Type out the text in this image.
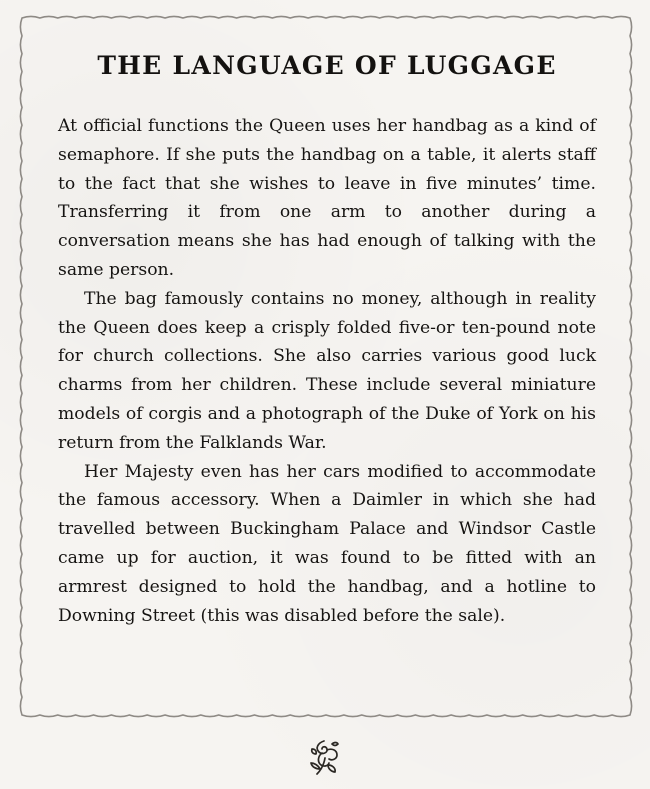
THE LANGUAGE OF LUGGAGE

At official functions the Queen uses her handbag as a kind of semaphore. If she puts the handbag on a table, it alerts staff to the fact that she wishes to leave in five minutes’ time. Transferring it from one arm to another during a conversation means she has had enough of talking with the same person.

The bag famously contains no money, although in reality the Queen does keep a crisply folded five-or ten-pound note for church collections. She also carries various good luck charms from her children. These include several miniature models of corgis and a photograph of the Duke of York on his return from the Falklands War.

Her Majesty even has her cars modified to accommodate the famous accessory. When a Daimler in which she had travelled between Buckingham Palace and Windsor Castle came up for auction, it was found to be fitted with an armrest designed to hold the handbag, and a hotline to Downing Street (this was disabled before the sale).
